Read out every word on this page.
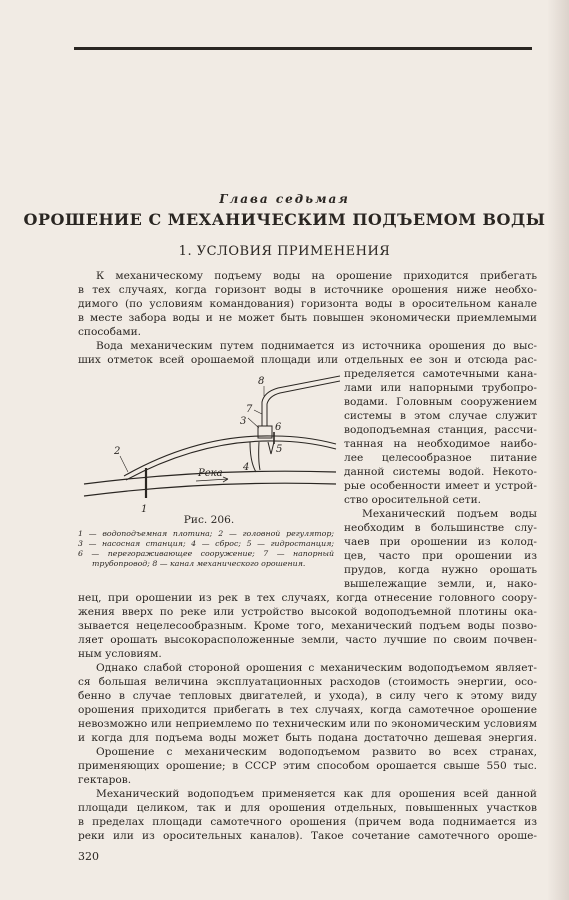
Глава седьмая
ОРОШЕНИЕ С МЕХАНИЧЕСКИМ ПОДЪЕМОМ ВОДЫ
1. УСЛОВИЯ ПРИМЕНЕНИЯ
К механическому подъему воды на орошение приходится прибегать
в тех случаях, когда горизонт воды в источнике орошения ниже необхо-
димого (по условиям командования) горизонта воды в оросительном канале
в месте забора воды и не может быть повышен экономически приемлемыми
способами.
Вода механическим путем поднимается из источника орошения до выс-
ших отметок всей орошаемой площади или отдельных ее зон и отсюда рас-
пределяется самотечными кана-
лами или напорными трубопро-
водами. Головным сооружением
системы в этом случае служит
водоподъемная станция, рассчи-
танная на необходимое наибо-
лее целесообразное питание
данной системы водой. Некото-
рые особенности имеет и устрой-
ство оросительной сети.
Механический подъем воды
необходим в большинстве слу-
чаев при орошении из колод-
цев, часто при орошении из
прудов, когда нужно орошать
вышележащие земли, и, нако-
Река
1
2
3
4
5
6
7
8
Рис. 206.
1 — водоподъемная плотина; 2 — головной регулятор;
3 — насосная станция; 4 — сброс; 5 — гидростанция;
6 — перегораживающее сооружение; 7 — напорный
трубопровод; 8 — канал механического орошения.
нец, при орошении из рек в тех случаях, когда отнесение головного соору-
жения вверх по реке или устройство высокой водоподъемной плотины ока-
зывается нецелесообразным. Кроме того, механический подъем воды позво-
ляет орошать высокорасположенные земли, часто лучшие по своим почвен-
ным условиям.
Однако слабой стороной орошения с механическим водоподъемом являет-
ся большая величина эксплуатационных расходов (стоимость энергии, осо-
бенно в случае тепловых двигателей, и ухода), в силу чего к этому виду
орошения приходится прибегать в тех случаях, когда самотечное орошение
невозможно или неприемлемо по техническим или по экономическим условиям
и когда для подъема воды может быть подана достаточно дешевая энергия.
Орошение с механическим водоподъемом развито во всех странах,
применяющих орошение; в СССР этим способом орошается свыше 550 тыс.
гектаров.
Механический водоподъем применяется как для орошения всей данной
площади целиком, так и для орошения отдельных, повышенных участков
в пределах площади самотечного орошения (причем вода поднимается из
реки или из оросительных каналов). Такое сочетание самотечного ороше-
320
